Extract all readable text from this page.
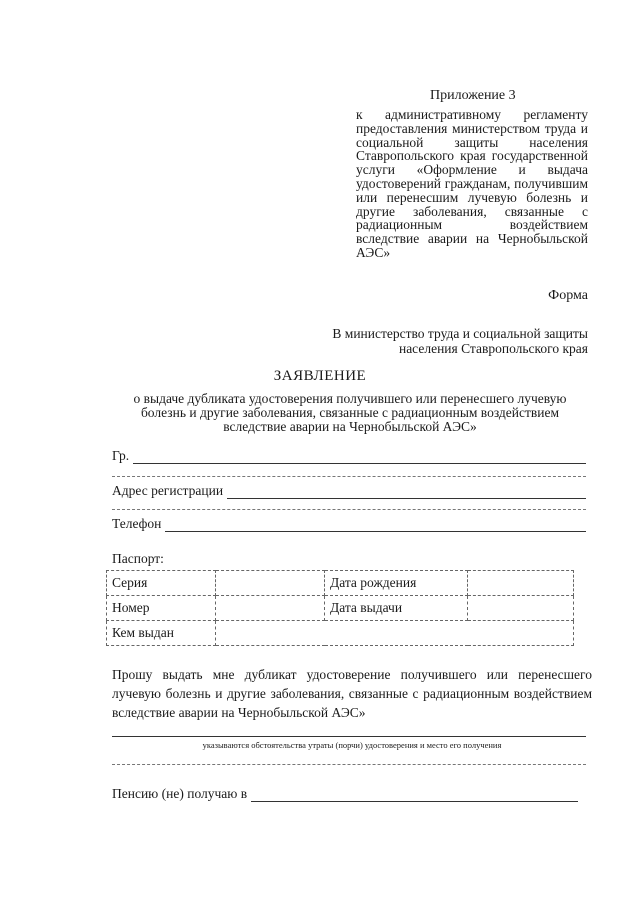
Приложение 3
к административному регламенту предоставления министерством труда и социальной защиты населения Ставропольского края государственной услуги «Оформление и выдача удостоверений гражданам, получившим или перенесшим лучевую болезнь и другие заболевания, связанные с радиационным воздействием вследствие аварии на Чернобыльской АЭС»
Форма
В министерство труда и социальной защиты населения Ставропольского края
ЗАЯВЛЕНИЕ
о выдаче дубликата удостоверения получившего или перенесшего лучевую болезнь и другие заболевания, связанные с радиационным воздействием вследствие аварии на Чернобыльской АЭС»
Гр.
Адрес регистрации
Телефон
Паспорт:
Серия		Дата рождения	
Номер		Дата выдачи	
Кем выдан			
Прошу выдать мне дубликат удостоверение получившего или перенесшего лучевую болезнь и другие заболевания, связанные с радиационным воздействием вследствие аварии на Чернобыльской АЭС»
указываются обстоятельства утраты (порчи) удостоверения и место его получения
Пенсию (не) получаю в
